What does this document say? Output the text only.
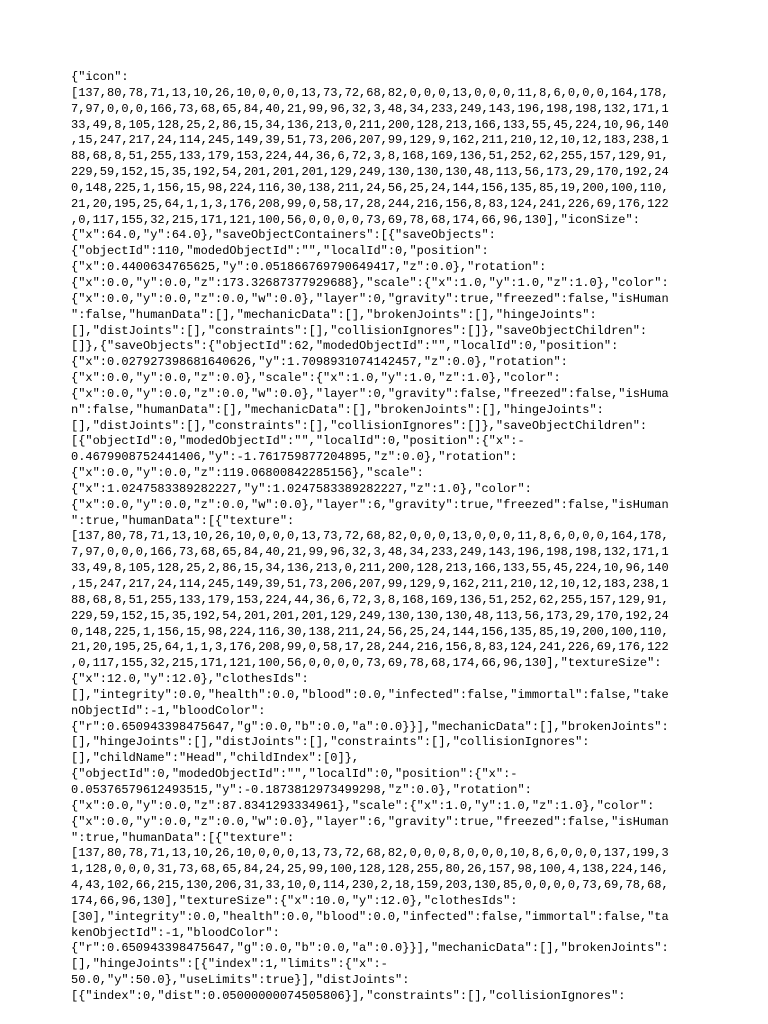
{"icon":
[137,80,78,71,13,10,26,10,0,0,0,13,73,72,68,82,0,0,0,13,0,0,0,11,8,6,0,0,0,164,178,
7,97,0,0,0,166,73,68,65,84,40,21,99,96,32,3,48,34,233,249,143,196,198,198,132,171,1
33,49,8,105,128,25,2,86,15,34,136,213,0,211,200,128,213,166,133,55,45,224,10,96,140
,15,247,217,24,114,245,149,39,51,73,206,207,99,129,9,162,211,210,12,10,12,183,238,1
88,68,8,51,255,133,179,153,224,44,36,6,72,3,8,168,169,136,51,252,62,255,157,129,91,
229,59,152,15,35,192,54,201,201,201,129,249,130,130,130,48,113,56,173,29,170,192,24
0,148,225,1,156,15,98,224,116,30,138,211,24,56,25,24,144,156,135,85,19,200,100,110,
21,20,195,25,64,1,1,3,176,208,99,0,58,17,28,244,216,156,8,83,124,241,226,69,176,122
,0,117,155,32,215,171,121,100,56,0,0,0,0,73,69,78,68,174,66,96,130],"iconSize":
{"x":64.0,"y":64.0},"saveObjectContainers":[{"saveObjects":
{"objectId":110,"modedObjectId":"","localId":0,"position":
{"x":0.4400634765625,"y":0.051866769790649417,"z":0.0},"rotation":
{"x":0.0,"y":0.0,"z":173.32687377929688},"scale":{"x":1.0,"y":1.0,"z":1.0},"color":
{"x":0.0,"y":0.0,"z":0.0,"w":0.0},"layer":0,"gravity":true,"freezed":false,"isHuman
":false,"humanData":[],"mechanicData":[],"brokenJoints":[],"hingeJoints":
[],"distJoints":[],"constraints":[],"collisionIgnores":[]},"saveObjectChildren":
[]},{"saveObjects":{"objectId":62,"modedObjectId":"","localId":0,"position":
{"x":0.027927398681640626,"y":1.7098931074142457,"z":0.0},"rotation":
{"x":0.0,"y":0.0,"z":0.0},"scale":{"x":1.0,"y":1.0,"z":1.0},"color":
{"x":0.0,"y":0.0,"z":0.0,"w":0.0},"layer":0,"gravity":false,"freezed":false,"isHuma
n":false,"humanData":[],"mechanicData":[],"brokenJoints":[],"hingeJoints":
[],"distJoints":[],"constraints":[],"collisionIgnores":[]},"saveObjectChildren":
[{"objectId":0,"modedObjectId":"","localId":0,"position":{"x":-
0.4679908752441406,"y":-1.761759877204895,"z":0.0},"rotation":
{"x":0.0,"y":0.0,"z":119.06800842285156},"scale":
{"x":1.0247583389282227,"y":1.0247583389282227,"z":1.0},"color":
{"x":0.0,"y":0.0,"z":0.0,"w":0.0},"layer":6,"gravity":true,"freezed":false,"isHuman
":true,"humanData":[{"texture":
[137,80,78,71,13,10,26,10,0,0,0,13,73,72,68,82,0,0,0,13,0,0,0,11,8,6,0,0,0,164,178,
7,97,0,0,0,166,73,68,65,84,40,21,99,96,32,3,48,34,233,249,143,196,198,198,132,171,1
33,49,8,105,128,25,2,86,15,34,136,213,0,211,200,128,213,166,133,55,45,224,10,96,140
,15,247,217,24,114,245,149,39,51,73,206,207,99,129,9,162,211,210,12,10,12,183,238,1
88,68,8,51,255,133,179,153,224,44,36,6,72,3,8,168,169,136,51,252,62,255,157,129,91,
229,59,152,15,35,192,54,201,201,201,129,249,130,130,130,48,113,56,173,29,170,192,24
0,148,225,1,156,15,98,224,116,30,138,211,24,56,25,24,144,156,135,85,19,200,100,110,
21,20,195,25,64,1,1,3,176,208,99,0,58,17,28,244,216,156,8,83,124,241,226,69,176,122
,0,117,155,32,215,171,121,100,56,0,0,0,0,73,69,78,68,174,66,96,130],"textureSize":
{"x":12.0,"y":12.0},"clothesIds":
[],"integrity":0.0,"health":0.0,"blood":0.0,"infected":false,"immortal":false,"take
nObjectId":-1,"bloodColor":
{"r":0.650943398475647,"g":0.0,"b":0.0,"a":0.0}}],"mechanicData":[],"brokenJoints":
[],"hingeJoints":[],"distJoints":[],"constraints":[],"collisionIgnores":
[],"childName":"Head","childIndex":[0]},
{"objectId":0,"modedObjectId":"","localId":0,"position":{"x":-
0.05376579612493515,"y":-0.1873812973499298,"z":0.0},"rotation":
{"x":0.0,"y":0.0,"z":87.8341293334961},"scale":{"x":1.0,"y":1.0,"z":1.0},"color":
{"x":0.0,"y":0.0,"z":0.0,"w":0.0},"layer":6,"gravity":true,"freezed":false,"isHuman
":true,"humanData":[{"texture":
[137,80,78,71,13,10,26,10,0,0,0,13,73,72,68,82,0,0,0,8,0,0,0,10,8,6,0,0,0,137,199,3
1,128,0,0,0,31,73,68,65,84,24,25,99,100,128,128,255,80,26,157,98,100,4,138,224,146,
4,43,102,66,215,130,206,31,33,10,0,114,230,2,18,159,203,130,85,0,0,0,0,73,69,78,68,
174,66,96,130],"textureSize":{"x":10.0,"y":12.0},"clothesIds":
[30],"integrity":0.0,"health":0.0,"blood":0.0,"infected":false,"immortal":false,"ta
kenObjectId":-1,"bloodColor":
{"r":0.650943398475647,"g":0.0,"b":0.0,"a":0.0}}],"mechanicData":[],"brokenJoints":
[],"hingeJoints":[{"index":1,"limits":{"x":-
50.0,"y":50.0},"useLimits":true}],"distJoints":
[{"index":0,"dist":0.05000000074505806}],"constraints":[],"collisionIgnores":
